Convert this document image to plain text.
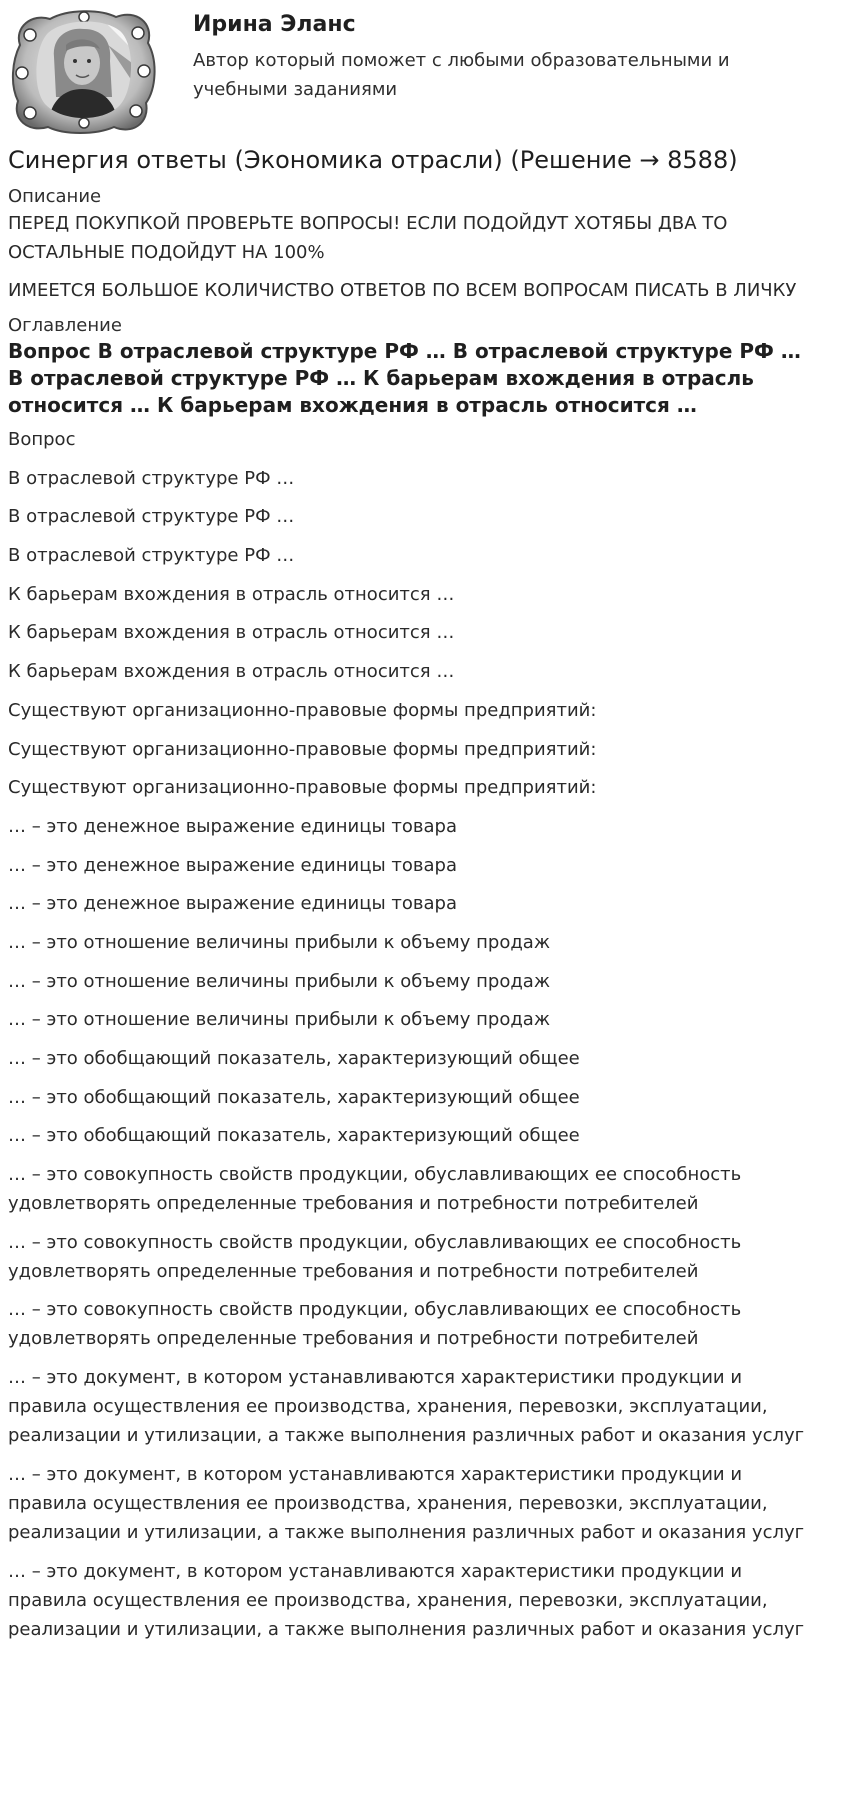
Ирина Эланс
Автор который поможет с любыми образовательными и учебными заданиями
Синергия ответы (Экономика отрасли) (Решение → 8588)
Описание

ПЕРЕД ПОКУПКОЙ ПРОВЕРЬТЕ ВОПРОСЫ! ЕСЛИ ПОДОЙДУТ ХОТЯБЫ ДВА ТО ОСТАЛЬНЫЕ ПОДОЙДУТ НА 100%

ИМЕЕТСЯ БОЛЬШОЕ КОЛИЧИСТВО ОТВЕТОВ ПО ВСЕМ ВОПРОСАМ ПИСАТЬ В ЛИЧКУ

Оглавление
Вопрос В отраслевой структуре РФ … В отраслевой структуре РФ … В отраслевой структуре РФ … К барьерам вхождения в отрасль относится … К барьерам вхождения в отрасль относится …
Вопрос
В отраслевой структуре РФ …
В отраслевой структуре РФ …
В отраслевой структуре РФ …
К барьерам вхождения в отрасль относится …
К барьерам вхождения в отрасль относится …
К барьерам вхождения в отрасль относится …
Существуют организационно-правовые формы предприятий:
Существуют организационно-правовые формы предприятий:
Существуют организационно-правовые формы предприятий:
… – это денежное выражение единицы товара
… – это денежное выражение единицы товара
… – это денежное выражение единицы товара
… – это отношение величины прибыли к объему продаж
… – это отношение величины прибыли к объему продаж
… – это отношение величины прибыли к объему продаж
… – это обобщающий показатель, характеризующий общее
… – это обобщающий показатель, характеризующий общее
… – это обобщающий показатель, характеризующий общее
… – это совокупность свойств продукции, обуславливающих ее способность удовлетворять определенные требования и потребности потребителей
… – это совокупность свойств продукции, обуславливающих ее способность удовлетворять определенные требования и потребности потребителей
… – это совокупность свойств продукции, обуславливающих ее способность удовлетворять определенные требования и потребности потребителей
… – это документ, в котором устанавливаются характеристики продукции и правила осуществления ее производства, хранения, перевозки, эксплуатации, реализации и утилизации, а также выполнения различных работ и оказания услуг
… – это документ, в котором устанавливаются характеристики продукции и правила осуществления ее производства, хранения, перевозки, эксплуатации, реализации и утилизации, а также выполнения различных работ и оказания услуг
… – это документ, в котором устанавливаются характеристики продукции и правила осуществления ее производства, хранения, перевозки, эксплуатации, реализации и утилизации, а также выполнения различных работ и оказания услуг
